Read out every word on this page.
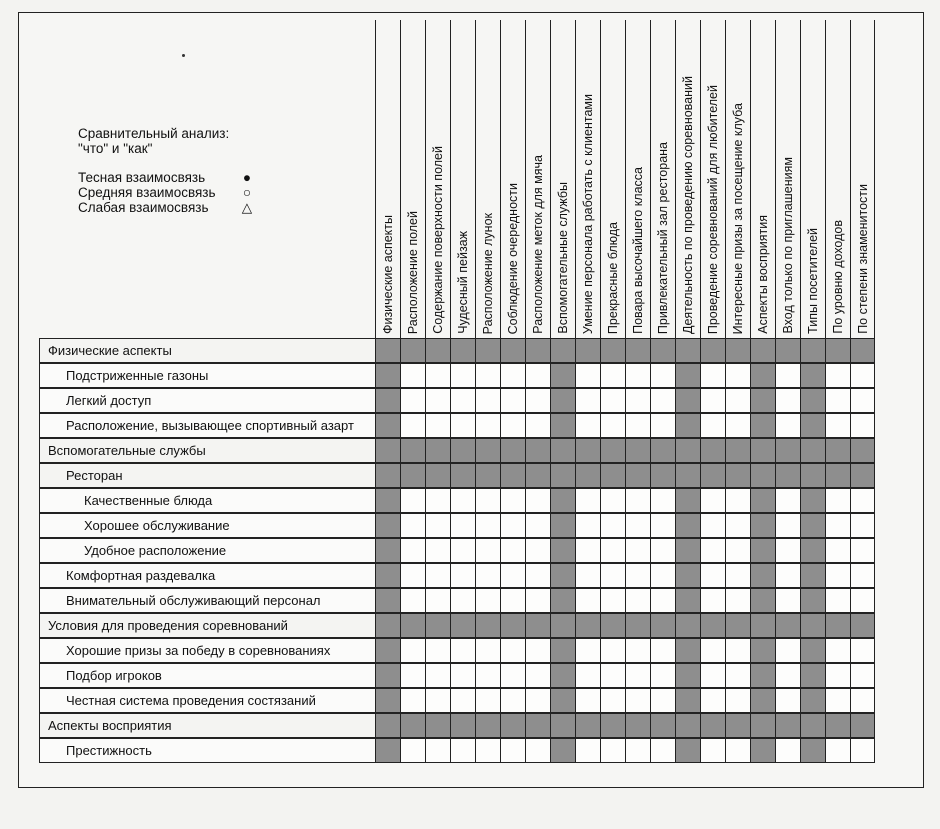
Сравнительный анализ:
"что" и "как"
Тесная взаимосвязь	●
Средняя взаимосвязь ○
Слабая взаимосвязь △
Физические аспекты Расположение полей Содержание поверхности полей Чудесный пейзаж Расположение лунок Соблюдение очередности Расположение меток для мяча Вспомогательные службы Умение персонала работать с клиентами Прекрасные блюда Повара высочайшего класса Привлекательный зал ресторана Деятельность по проведению соревнований Проведение соревнований для любителей Интересные призы за посещение клуба Аспекты восприятия Вход только по приглашениям Типы посетителей По уровню доходов По степени знаменитости
Физические аспекты
Подстриженные газоны
Легкий доступ
Расположение, вызывающее спортивный азарт
Вспомогательные службы
Ресторан
Качественные блюда
Хорошее обслуживание
Удобное расположение
Комфортная раздевалка
Внимательный обслуживающий персонал
Условия для проведения соревнований
Хорошие призы за победу в соревнованиях
Подбор игроков
Честная система проведения состязаний
Аспекты восприятия
Престижность
